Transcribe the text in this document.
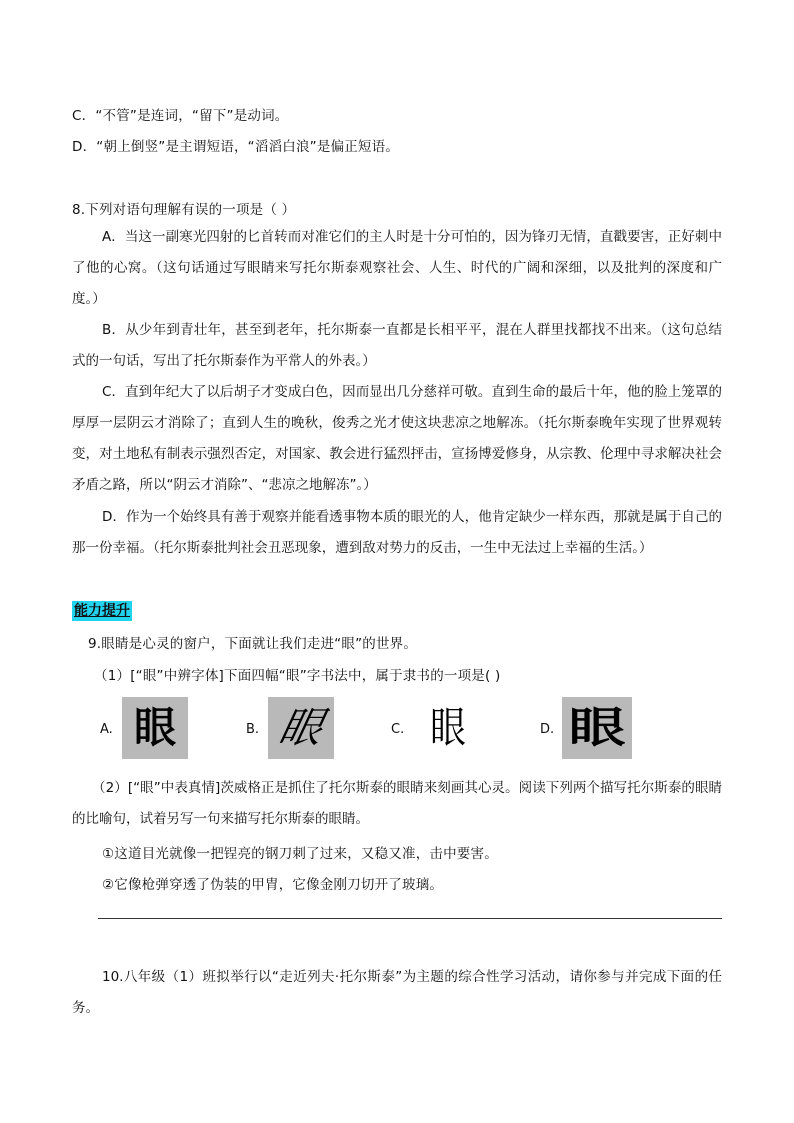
C．“不管”是连词，“留下”是动词。
D．“朝上倒竖”是主谓短语，“滔滔白浪”是偏正短语。
8.下列对语句理解有误的一项是（ ）
A．当这一副寒光四射的匕首转而对准它们的主人时是十分可怕的，因为锋刃无情，直戳要害，正好刺中了他的心窝。（这句话通过写眼睛来写托尔斯泰观察社会、人生、时代的广阔和深细，以及批判的深度和广度。）
B．从少年到青壮年，甚至到老年，托尔斯泰一直都是长相平平，混在人群里找都找不出来。（这句总结式的一句话，写出了托尔斯泰作为平常人的外表。）
C．直到年纪大了以后胡子才变成白色，因而显出几分慈祥可敬。直到生命的最后十年，他的脸上笼罩的厚厚一层阴云才消除了；直到人生的晚秋，俊秀之光才使这块悲凉之地解冻。（托尔斯泰晚年实现了世界观转变，对土地私有制表示强烈否定，对国家、教会进行猛烈抨击，宣扬博爱修身，从宗教、伦理中寻求解决社会矛盾之路，所以“阴云才消除”、“悲凉之地解冻”。）
D．作为一个始终具有善于观察并能看透事物本质的眼光的人，他肯定缺少一样东西，那就是属于自己的那一份幸福。（托尔斯泰批判社会丑恶现象，遭到敌对势力的反击，一生中无法过上幸福的生活。）
能力提升
9.眼睛是心灵的窗户，下面就让我们走进“眼”的世界。
（1）[“眼”中辨字体]下面四幅“眼”字书法中，属于隶书的一项是( )
A. 眼	B. 眼	C. 眼	D. 眼
（2）[“眼”中表真情]茨威格正是抓住了托尔斯泰的眼睛来刻画其心灵。阅读下列两个描写托尔斯泰的眼睛的比喻句，试着另写一句来描写托尔斯泰的眼睛。
①这道目光就像一把锃亮的钢刀刺了过来，又稳又准，击中要害。
②它像枪弹穿透了伪装的甲胄，它像金刚刀切开了玻璃。
10.八年级（1）班拟举行以“走近列夫·托尔斯泰”为主题的综合性学习活动，请你参与并完成下面的任务。
